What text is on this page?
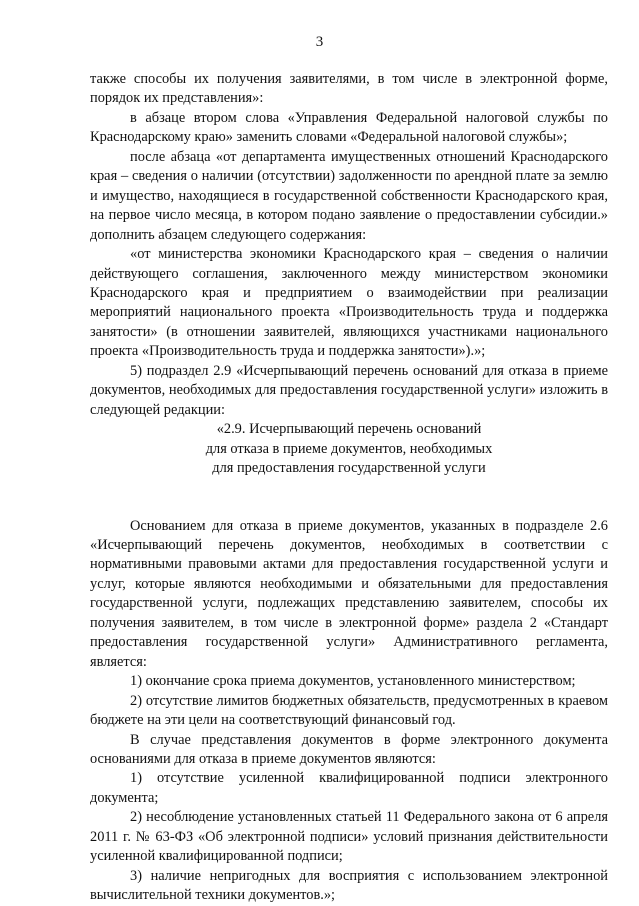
3

также способы их получения заявителями, в том числе в электронной форме, порядок их представления»:

в абзаце втором слова «Управления Федеральной налоговой службы по Краснодарскому краю» заменить словами «Федеральной налоговой службы»;

после абзаца «от департамента имущественных отношений Краснодарского края – сведения о наличии (отсутствии) задолженности по арендной плате за землю и имущество, находящиеся в государственной собственности Краснодарского края, на первое число месяца, в котором подано заявление о предоставлении субсидии.» дополнить абзацем следующего содержания:

«от министерства экономики Краснодарского края – сведения о наличии действующего соглашения, заключенного между министерством экономики Краснодарского края и предприятием о взаимодействии при реализации мероприятий национального проекта «Производительность труда и поддержка занятости» (в отношении заявителей, являющихся участниками национального проекта «Производительность труда и поддержка занятости»).»;

5) подраздел 2.9 «Исчерпывающий перечень оснований для отказа в приеме документов, необходимых для предоставления государственной услуги» изложить в следующей редакции:

«2.9. Исчерпывающий перечень оснований
для отказа в приеме документов, необходимых
для предоставления государственной услуги

Основанием для отказа в приеме документов, указанных в подразделе 2.6 «Исчерпывающий перечень документов, необходимых в соответствии с нормативными правовыми актами для предоставления государственной услуги и услуг, которые являются необходимыми и обязательными для предоставления государственной услуги, подлежащих представлению заявителем, способы их получения заявителем, в том числе в электронной форме» раздела 2 «Стандарт предоставления государственной услуги» Административного регламента, является:

1) окончание срока приема документов, установленного министерством;

2) отсутствие лимитов бюджетных обязательств, предусмотренных в краевом бюджете на эти цели на соответствующий финансовый год.

В случае представления документов в форме электронного документа основаниями для отказа в приеме документов являются:

1) отсутствие усиленной квалифицированной подписи электронного документа;

2) несоблюдение установленных статьей 11 Федерального закона от 6 апреля 2011 г. № 63-ФЗ «Об электронной подписи» условий признания действительности усиленной квалифицированной подписи;

3) наличие непригодных для восприятия с использованием электронной вычислительной техники документов.»;
